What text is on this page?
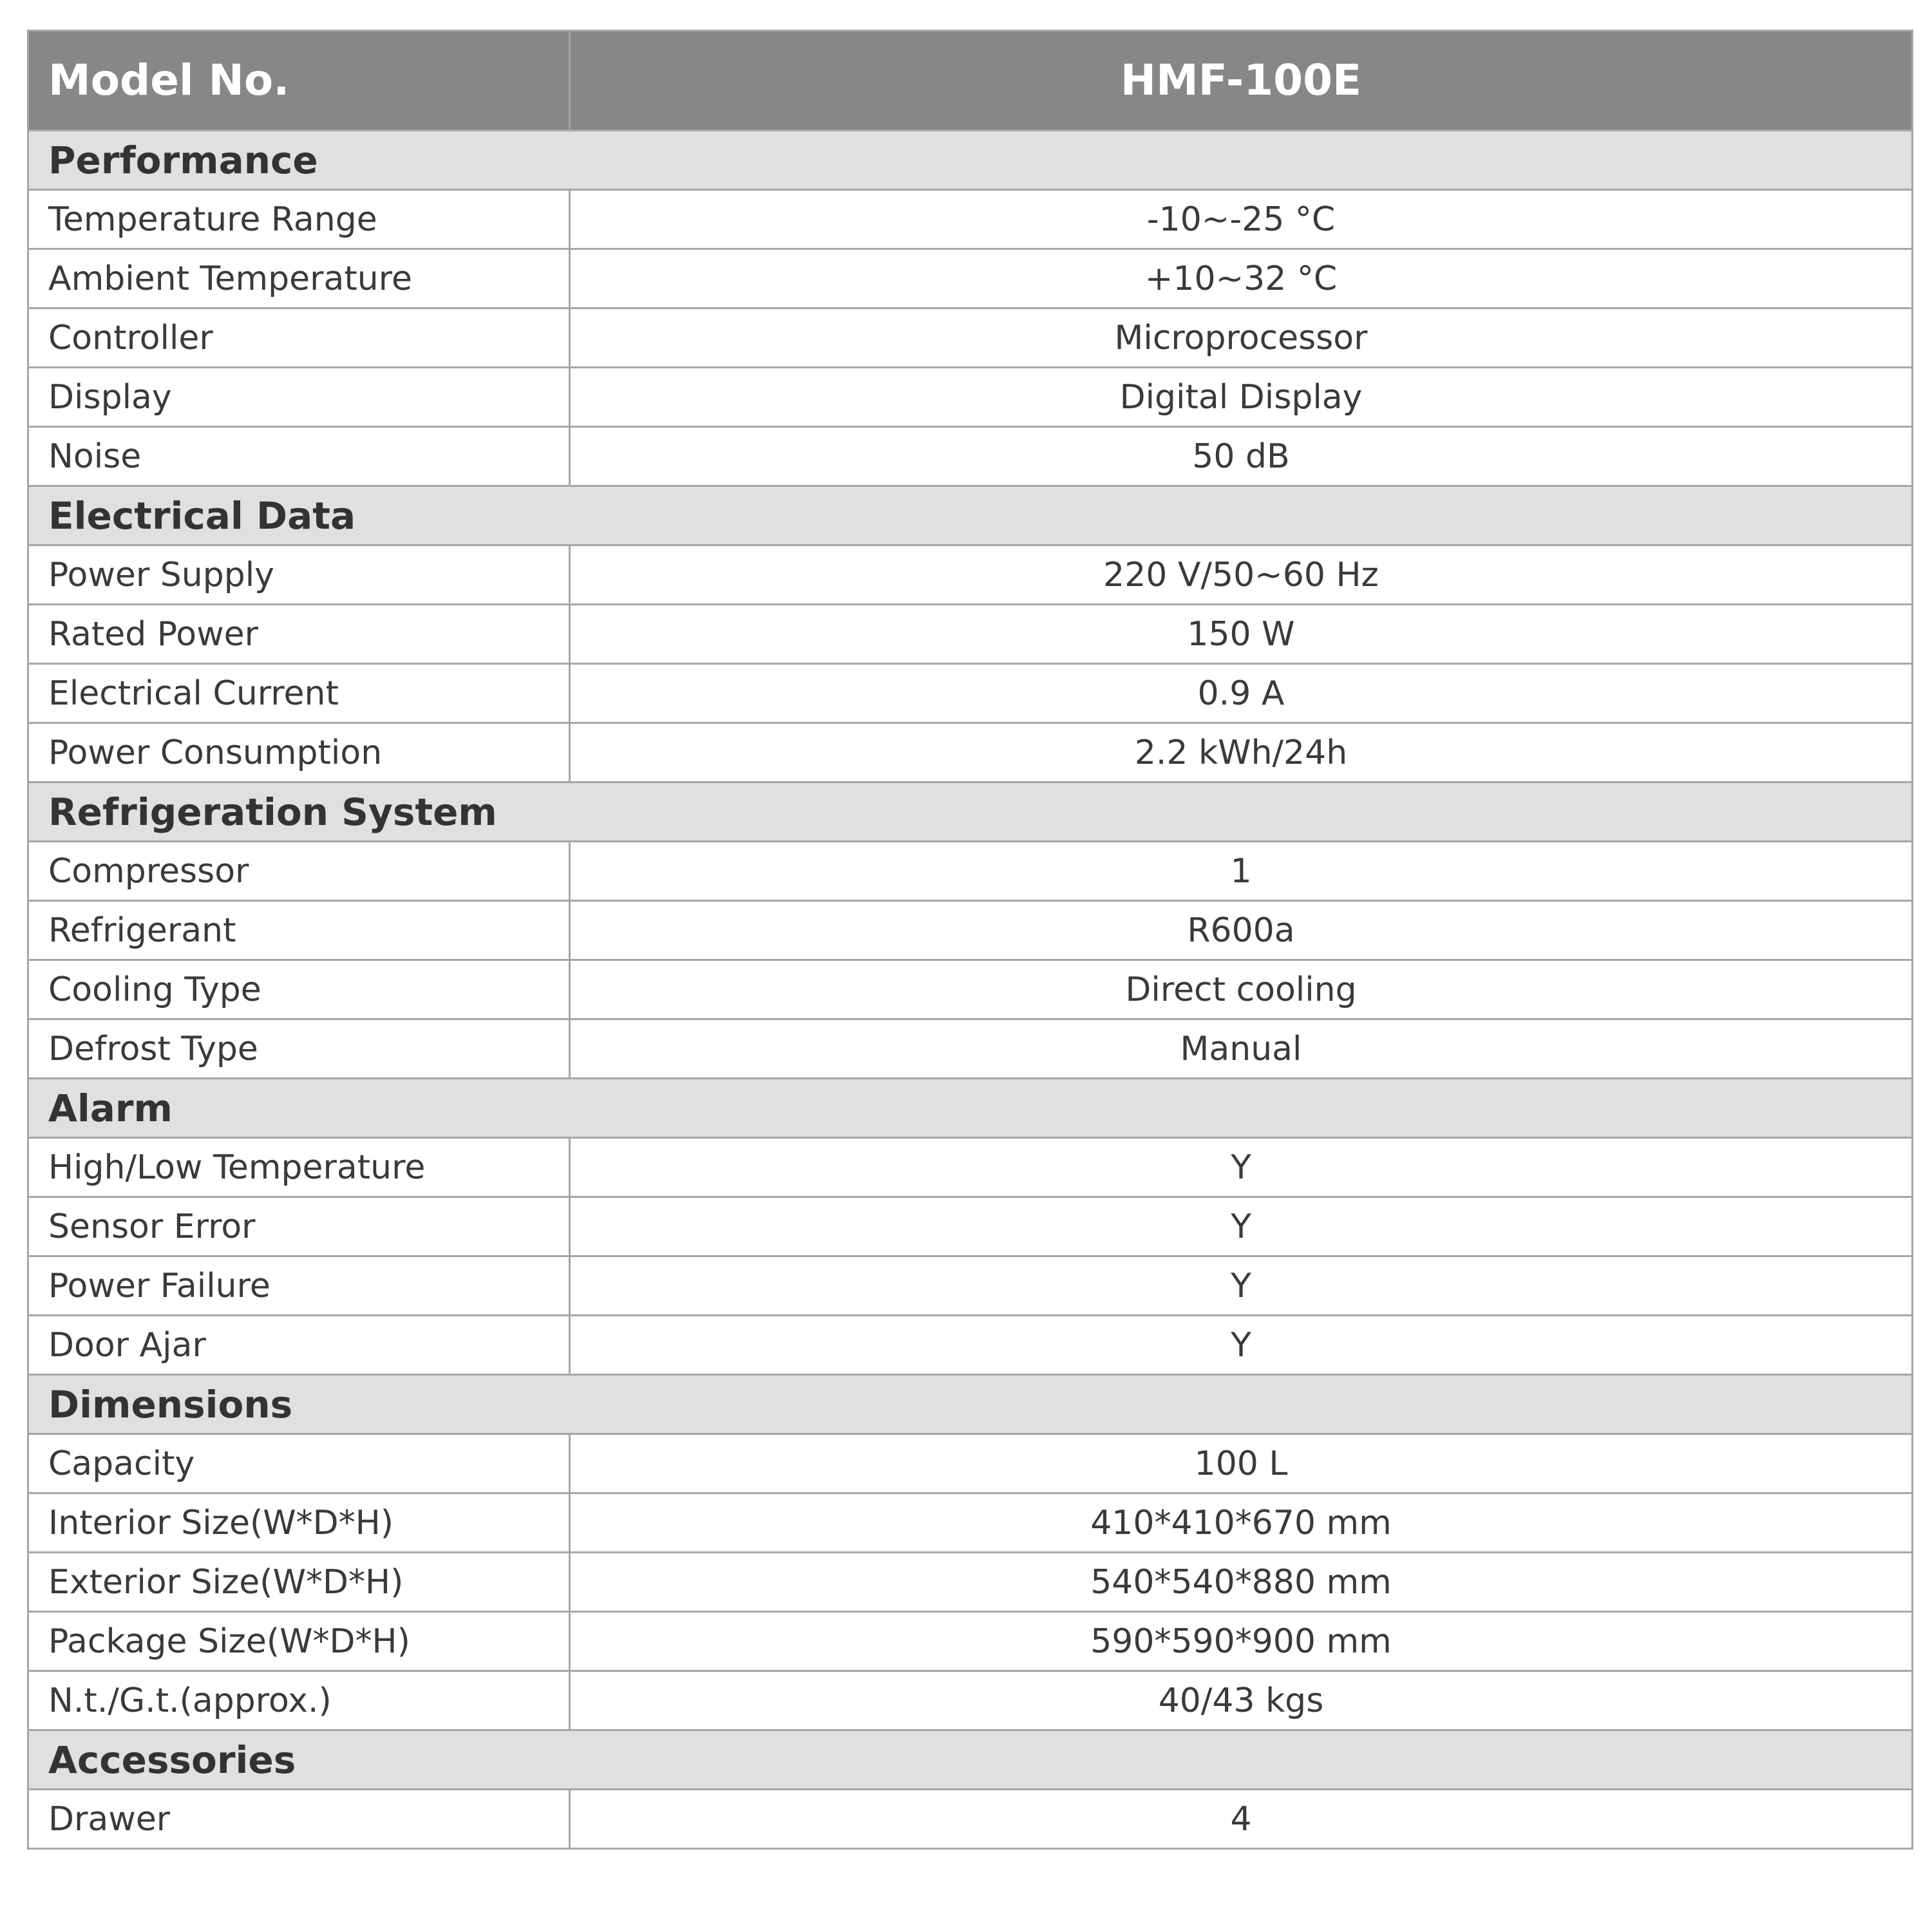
Model No.	HMF-100E
Performance	
Temperature Range	-10~-25 °C
Ambient Temperature	+10~32 °C
Controller	Microprocessor
Display	Digital Display
Noise	50 dB
Electrical Data	
Power Supply	220 V/50~60 Hz
Rated Power	150 W
Electrical Current	0.9 A
Power Consumption	2.2 kWh/24h
Refrigeration System	
Compressor	1
Refrigerant	R600a
Cooling Type	Direct cooling
Defrost Type	Manual
Alarm	
High/Low Temperature	Y
Sensor Error	Y
Power Failure	Y
Door Ajar	Y
Dimensions	
Capacity	100 L
Interior Size(W*D*H)	410*410*670 mm
Exterior Size(W*D*H)	540*540*880 mm
Package Size(W*D*H)	590*590*900 mm
N.t./G.t.(approx.)	40/43 kgs
Accessories	
Drawer	4
